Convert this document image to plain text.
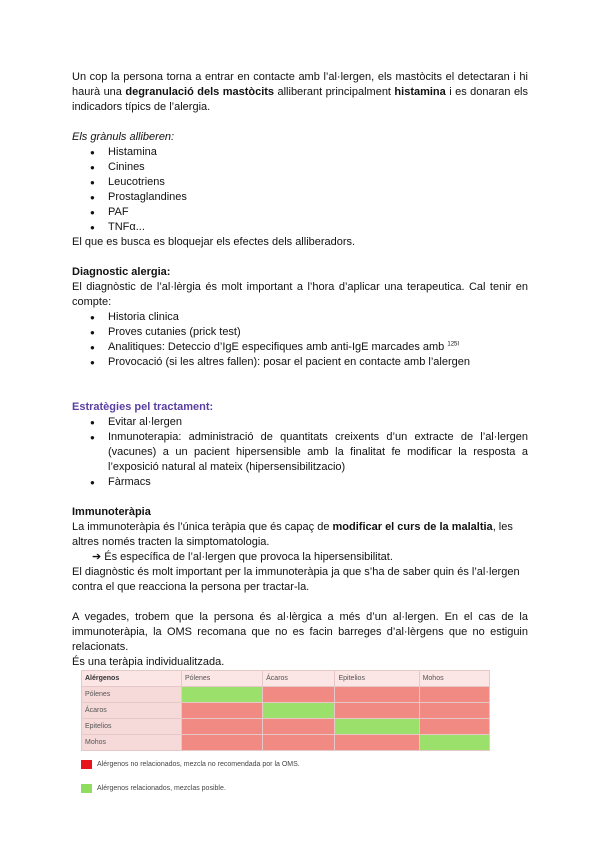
Un cop la persona torna a entrar en contacte amb l’al·lergen, els mastòcits el detectaran i hi haurà una degranulació dels mastòcits alliberant principalment histamina i es donaran els indicadors típics de l’alergia.

Els grànuls alliberen:

● Histamina
● Cinines
● Leucotriens
● Prostaglandines
● PAF
● TNFα...

El que es busca es bloquejar els efectes dels alliberadors.

Diagnostic alergia:

El diagnòstic de l’al·lèrgia és molt important a l’hora d’aplicar una terapeutica. Cal tenir en compte:

● Historia clinica
● Proves cutanies (prick test)
● Analitiques: Deteccio d’IgE especifiques amb anti-IgE marcades amb $^{125I}$
● Provocació (si les altres fallen): posar el pacient en contacte amb l’alergen

Estratègies pel tractament:

● Evitar al·lergen
● Inmunoterapia: administració de quantitats creixents d’un extracte de l’al·lergen (vacunes) a un pacient hipersensible amb la finalitat fe modificar la resposta a l’exposició natural al mateix (hipersensibilitzacio)
● Fàrmacs

Immunoteràpia

La immunoteràpia és l’única teràpia que és capaç de modificar el curs de la malaltia, les altres només tracten la simptomatologia.

➔ És específica de l’al·lergen que provoca la hipersensibilitat.

El diagnòstic és molt important per la immunoteràpia ja que s’ha de saber quin és l’al·lergen contra el que reacciona la persona per tractar-la.

A vegades, trobem que la persona és al·lèrgica a més d’un al·lergen. En el cas de la immunoteràpia, la OMS recomana que no es facin barreges d’al·lèrgens que no estiguin relacionats.

És una teràpia individualitzada.

Alérgenos	Pólenes	Ácaros	Epitelios	Mohos
Pólenes				
Ácaros				
Epitelios				
Mohos				
Alérgenos no relacionados, mezcla no recomendada por la OMS.
Alérgenos relacionados, mezclas posible.
